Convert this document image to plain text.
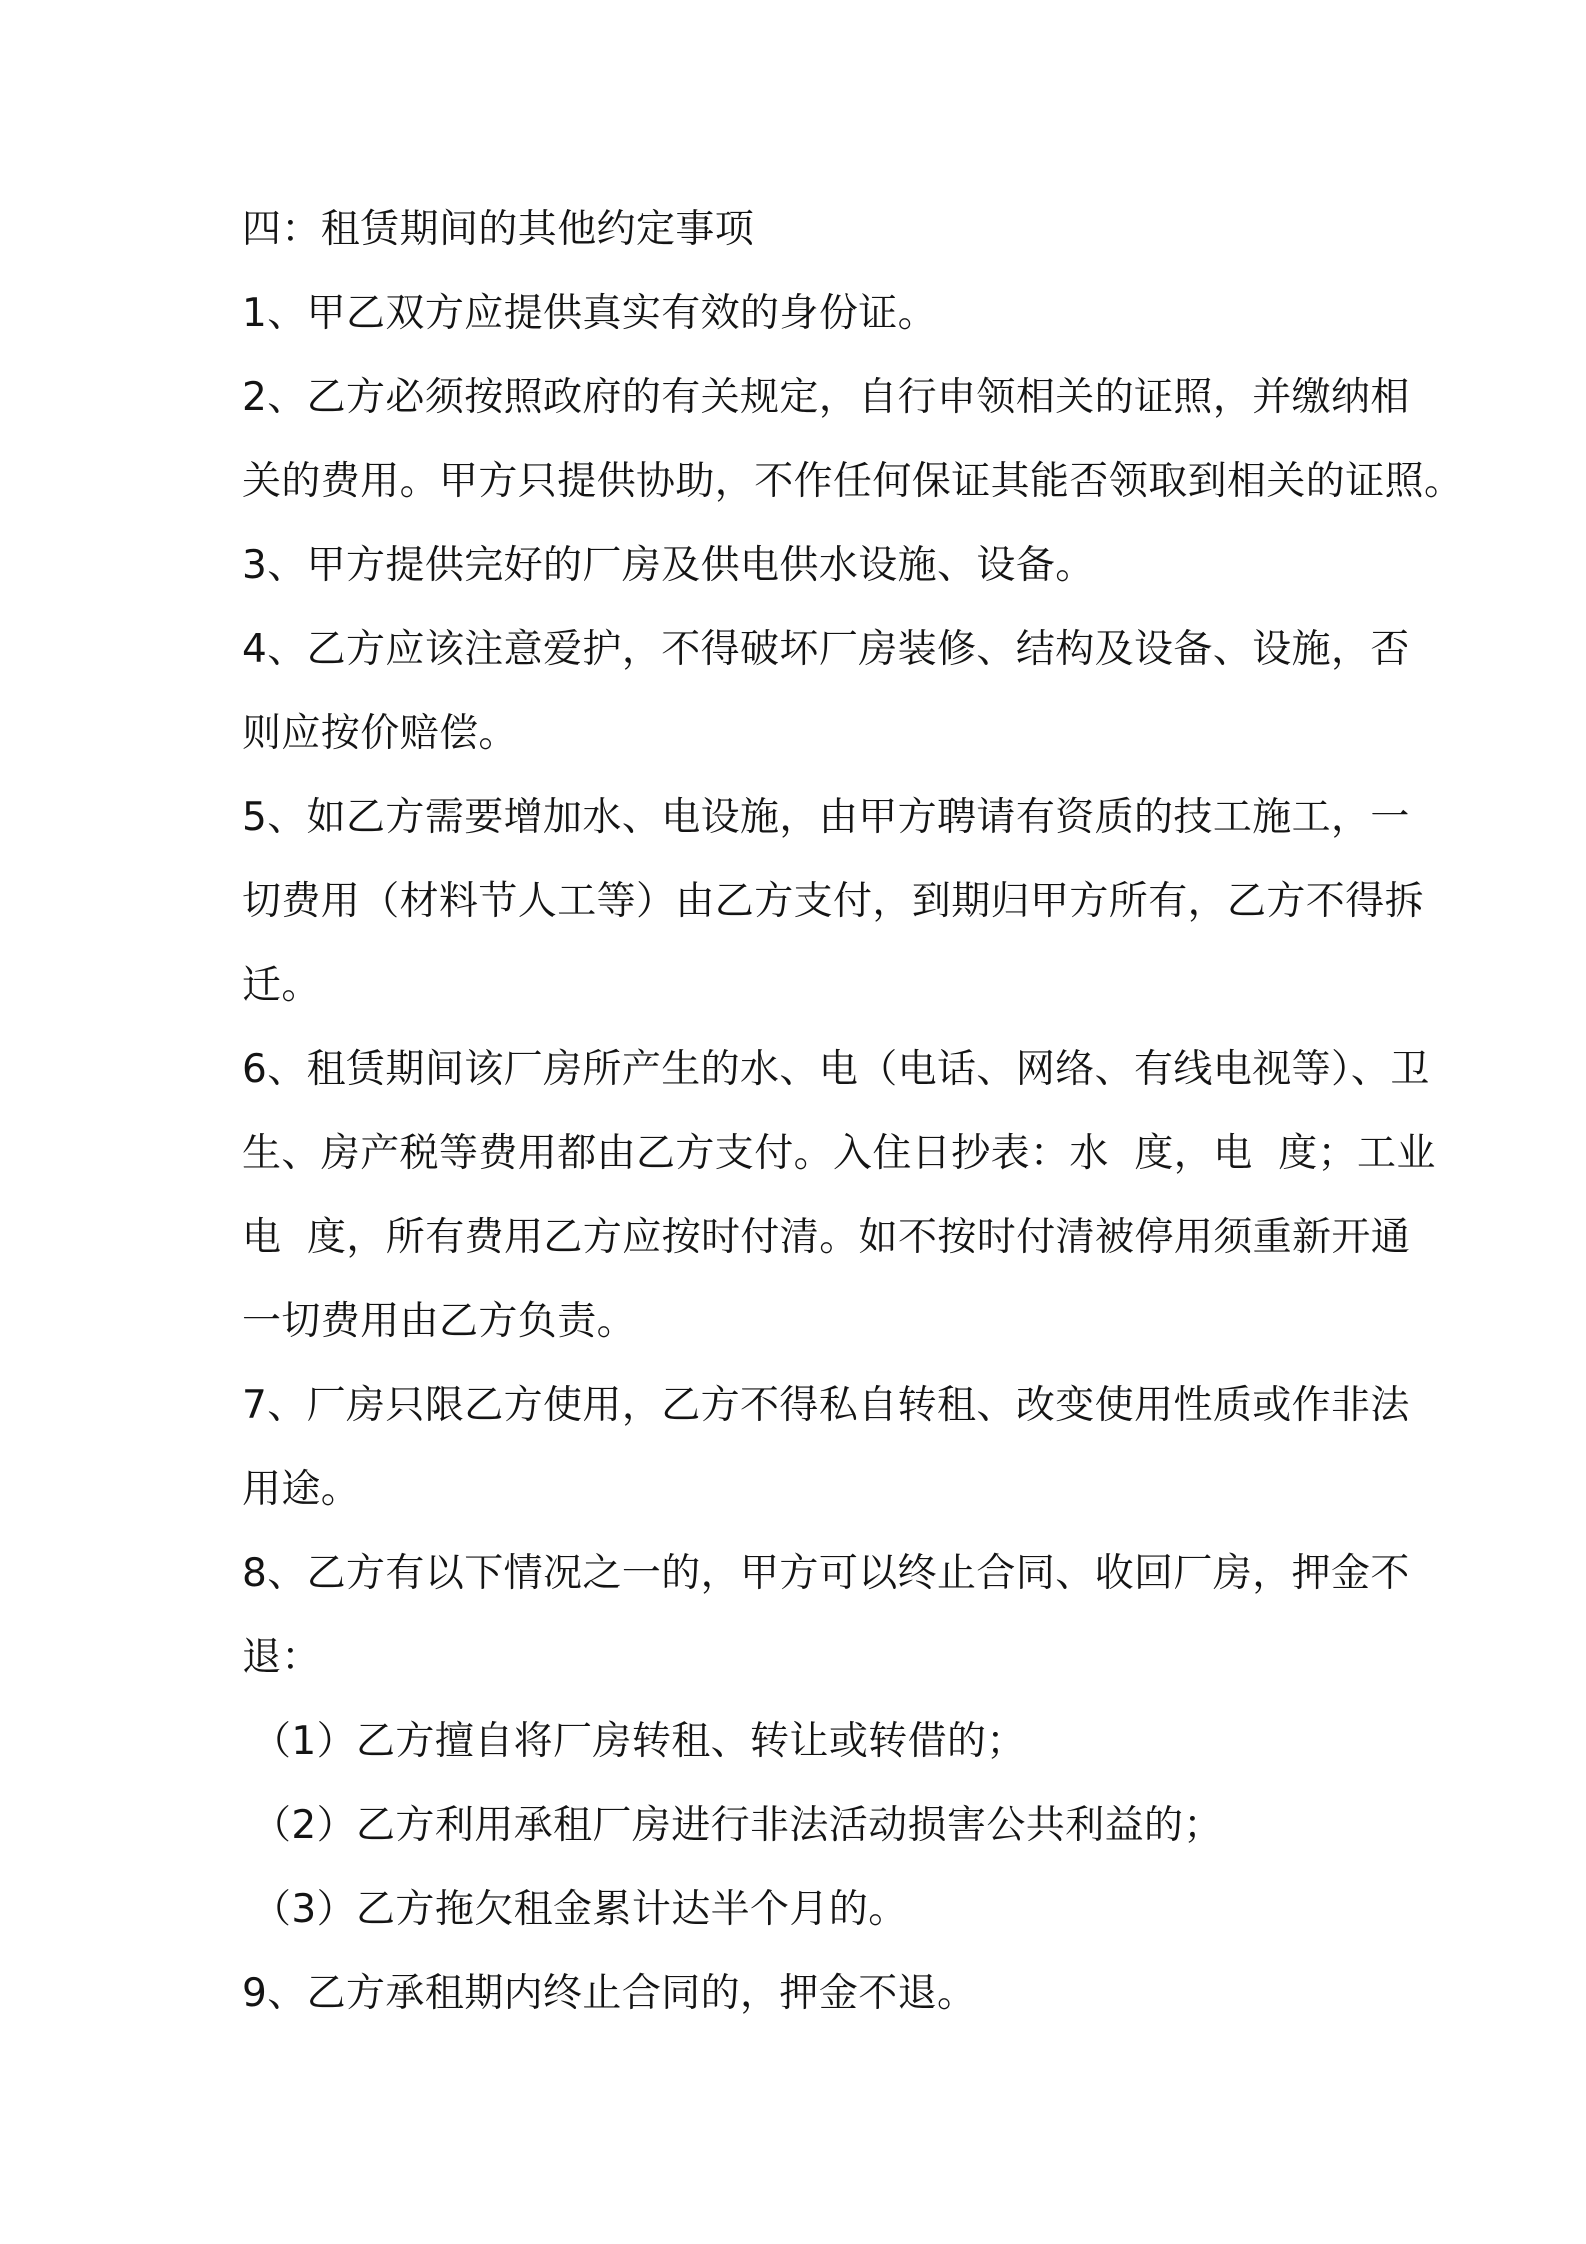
四：租赁期间的其他约定事项
1、甲乙双方应提供真实有效的身份证。
2、乙方必须按照政府的有关规定，自行申领相关的证照，并缴纳相
关的费用。甲方只提供协助，不作任何保证其能否领取到相关的证照。
3、甲方提供完好的厂房及供电供水设施、设备。
4、乙方应该注意爱护，不得破坏厂房装修、结构及设备、设施，否
则应按价赔偿。
5、如乙方需要增加水、电设施，由甲方聘请有资质的技工施工，一
切费用（材料节人工等）由乙方支付，到期归甲方所有，乙方不得拆
迁。
6、租赁期间该厂房所产生的水、电（电话、网络、有线电视等）、卫
生、房产税等费用都由乙方支付。入住日抄表：水  度，电  度；工业
电  度，所有费用乙方应按时付清。如不按时付清被停用须重新开通
一切费用由乙方负责。
7、厂房只限乙方使用，乙方不得私自转租、改变使用性质或作非法
用途。
8、乙方有以下情况之一的，甲方可以终止合同、收回厂房，押金不
退：
（1）乙方擅自将厂房转租、转让或转借的；
（2）乙方利用承租厂房进行非法活动损害公共利益的；
（3）乙方拖欠租金累计达半个月的。
9、乙方承租期内终止合同的，押金不退。
